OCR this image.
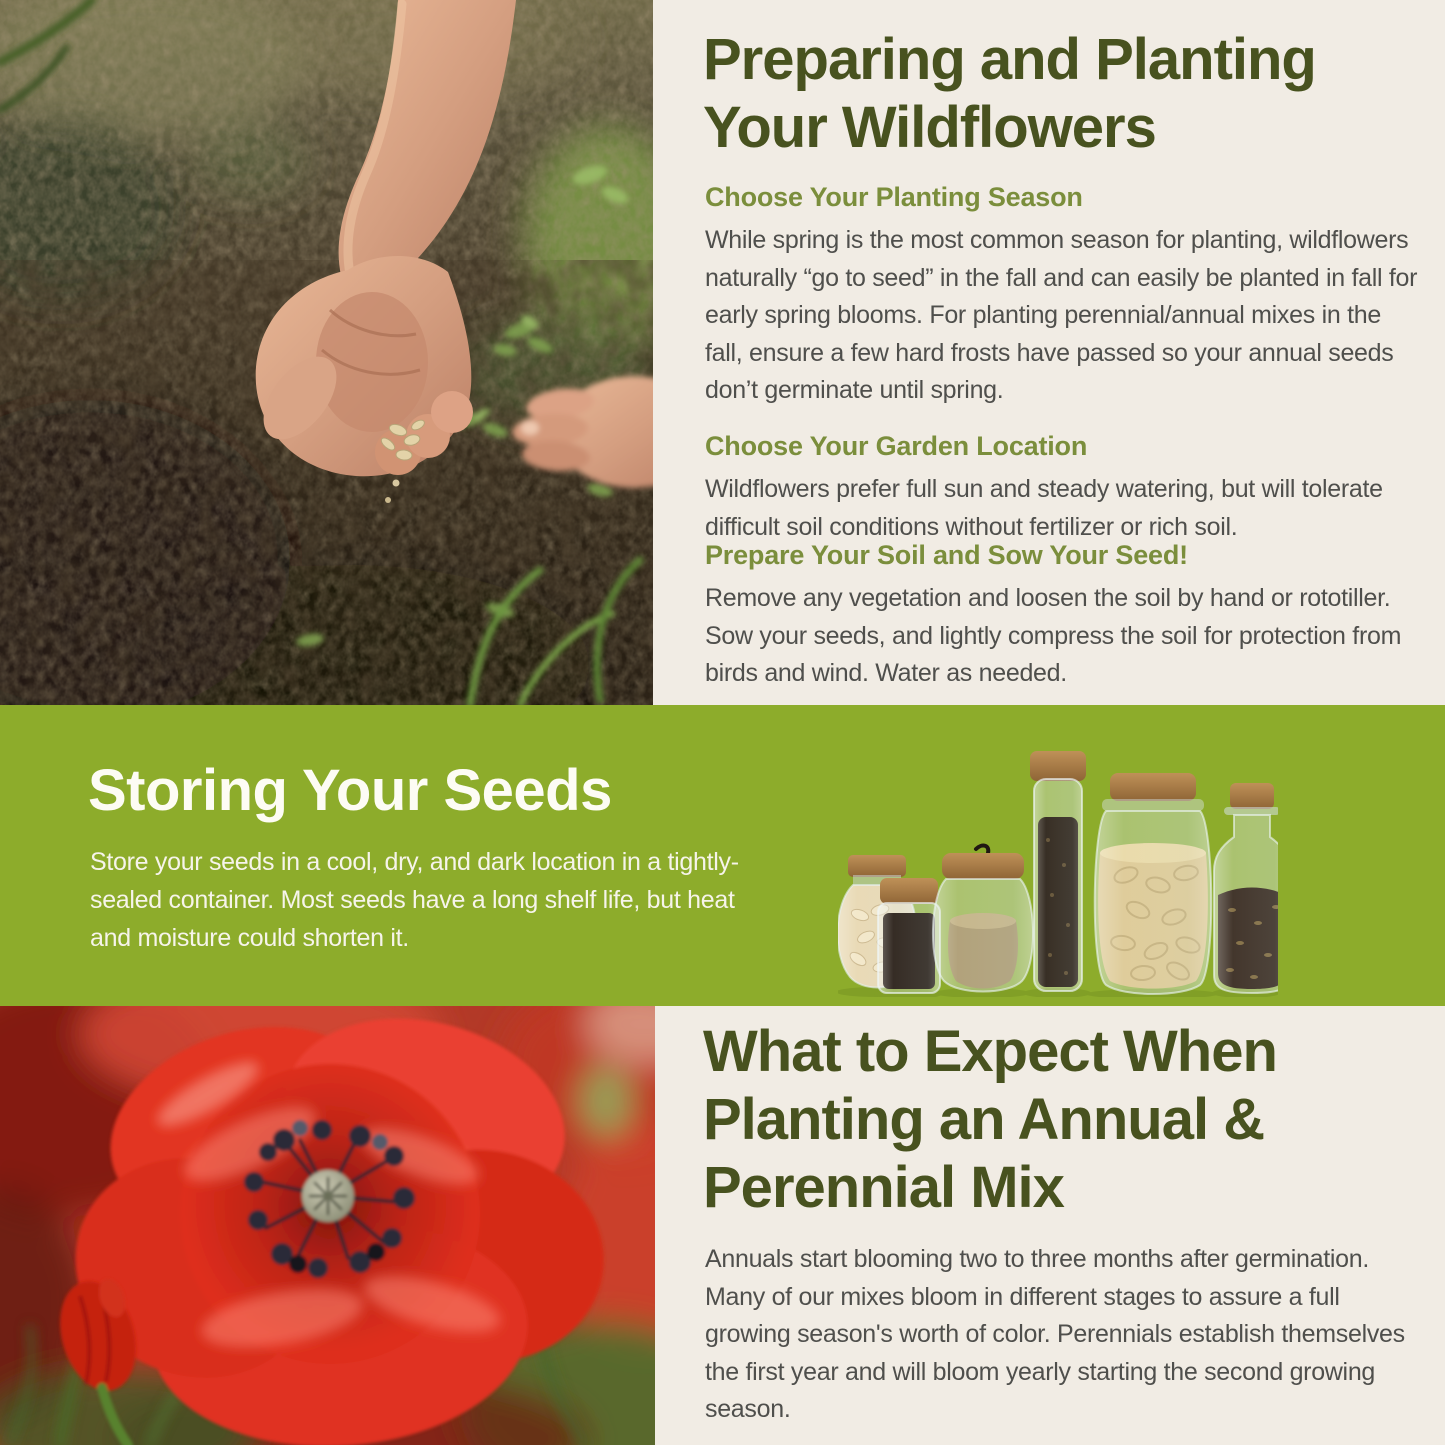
Preparing and Planting Your Wildflowers
Choose Your Planting Season

While spring is the most common season for planting, wildflowers naturally “go to seed” in the fall and can easily be planted in fall for early spring blooms. For planting perennial/annual mixes in the fall, ensure a few hard frosts have passed so your annual seeds don’t germinate until spring.

Choose Your Garden Location

Wildflowers prefer full sun and steady watering, but will tolerate difficult soil conditions without fertilizer or rich soil.

Prepare Your Soil and Sow Your Seed!

Remove any vegetation and loosen the soil by hand or rototiller. Sow your seeds, and lightly compress the soil for protection from birds and wind. Water as needed.

Storing Your Seeds

Store your seeds in a cool, dry, and dark location in a tightly-sealed container. Most seeds have a long shelf life, but heat and moisture could shorten it.

What to Expect When Planting an Annual & Perennial Mix

Annuals start blooming two to three months after germination. Many of our mixes bloom in different stages to assure a full growing season's worth of color. Perennials establish themselves the first year and will bloom yearly starting the second growing season.
